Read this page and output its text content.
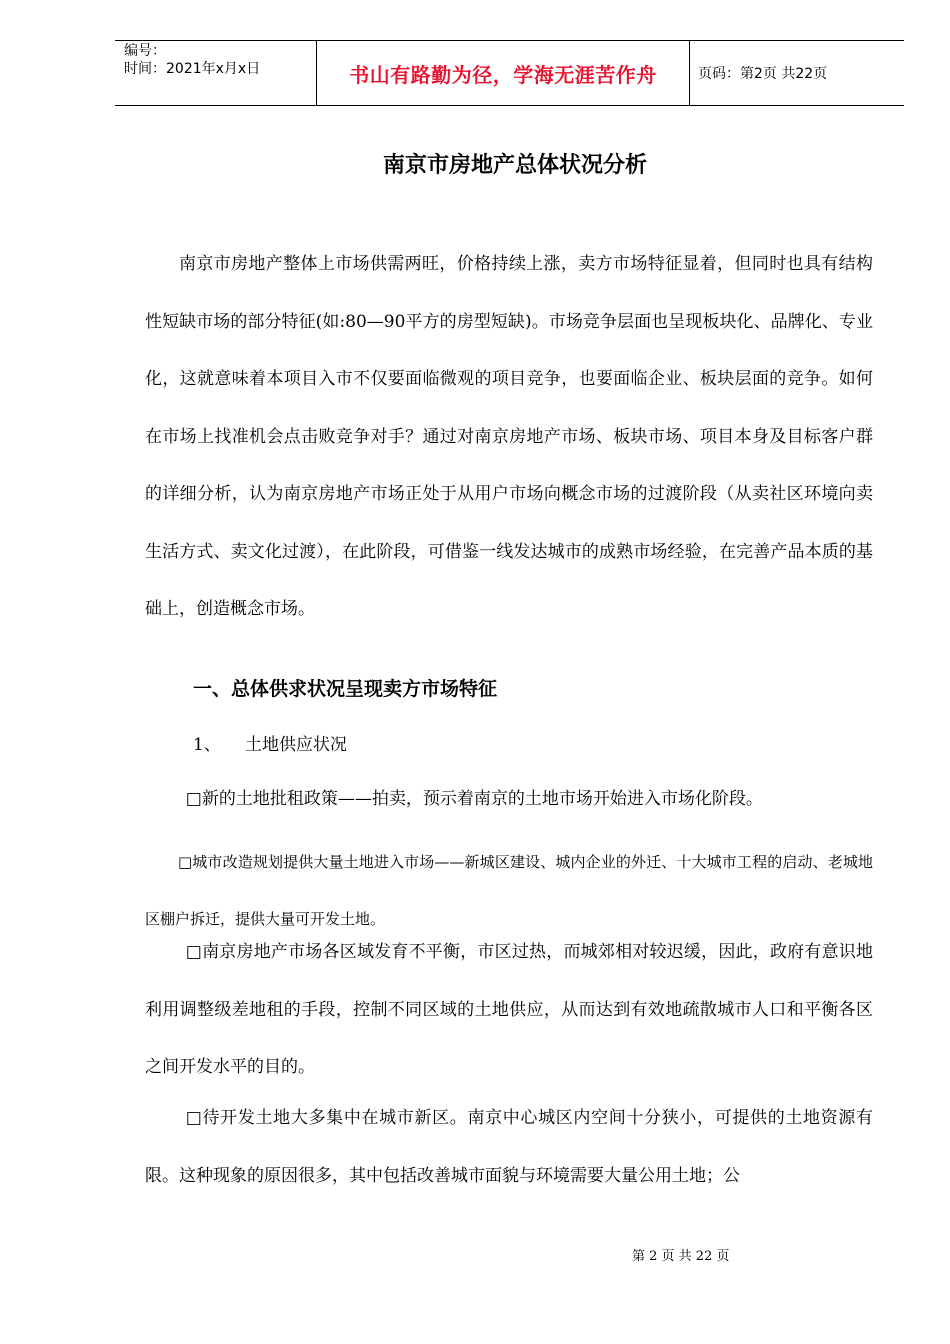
编号：
时间：2021年x月x日	书山有路勤为径，学海无涯苦作舟	页码：第2页 共22页
南京市房地产总体状况分析

南京市房地产整体上市场供需两旺，价格持续上涨，卖方市场特征显着，但同时也具有结构性短缺市场的部分特征(如:80—90平方的房型短缺)。市场竞争层面也呈现板块化、品牌化、专业化，这就意味着本项目入市不仅要面临微观的项目竞争，也要面临企业、板块层面的竞争。如何在市场上找准机会点击败竞争对手？通过对南京房地产市场、板块市场、项目本身及目标客户群的详细分析，认为南京房地产市场正处于从用户市场向概念市场的过渡阶段（从卖社区环境向卖生活方式、卖文化过渡），在此阶段，可借鉴一线发达城市的成熟市场经验，在完善产品本质的基础上，创造概念市场。

一、总体供求状况呈现卖方市场特征
1、 土地供应状况

□新的土地批租政策——拍卖，预示着南京的土地市场开始进入市场化阶段。

□城市改造规划提供大量土地进入市场——新城区建设、城内企业的外迁、十大城市工程的启动、老城地区棚户拆迁，提供大量可开发土地。

□南京房地产市场各区域发育不平衡，市区过热，而城郊相对较迟缓，因此，政府有意识地利用调整级差地租的手段，控制不同区域的土地供应，从而达到有效地疏散城市人口和平衡各区之间开发水平的目的。

□待开发土地大多集中在城市新区。南京中心城区内空间十分狭小，可提供的土地资源有限。这种现象的原因很多，其中包括改善城市面貌与环境需要大量公用土地；公

第 2 页 共 22 页
